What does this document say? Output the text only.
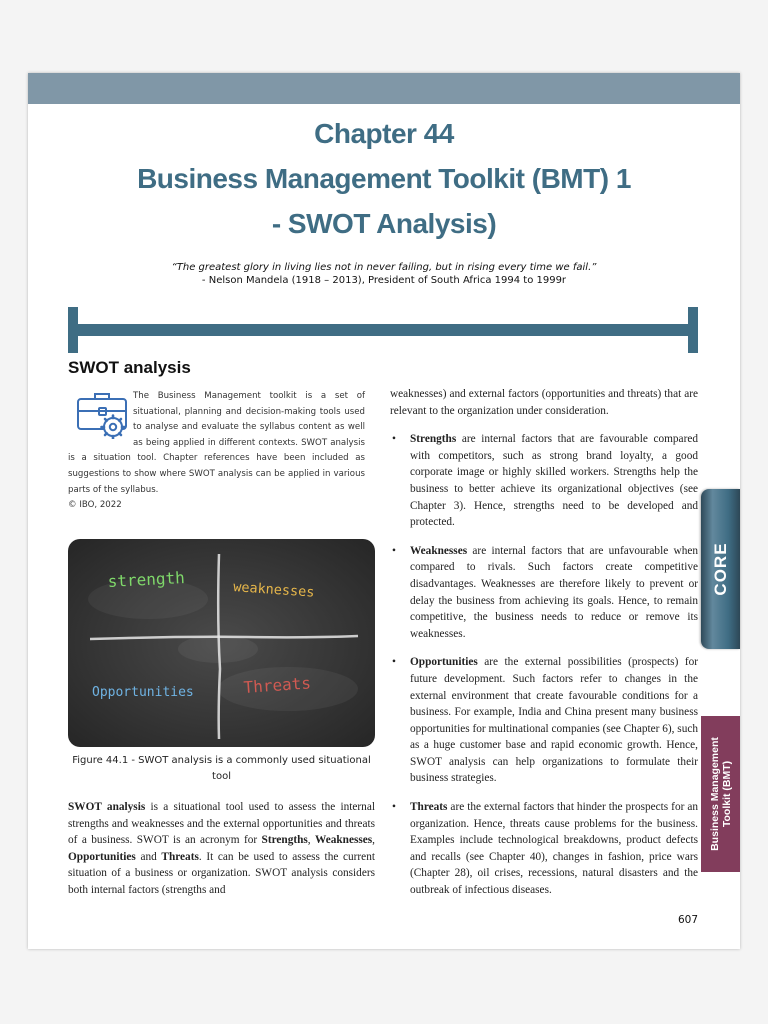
Chapter 44
Business Management Toolkit (BMT) 1
- SWOT Analysis)
“The greatest glory in living lies not in never failing, but in rising every time we fail.”
- Nelson Mandela (1918 – 2013), President of South Africa 1994 to 1999r
SWOT analysis
The Business Management toolkit is a set of situational, planning and decision-making tools used to analyse and evaluate the syllabus content as well as being applied in different contexts. SWOT analysis is a situation tool. Chapter references have been included as suggestions to show where SWOT analysis can be applied in various parts of the syllabus.
© IBO, 2022
strength	weaknesses
Opportunities	Threats
Figure 44.1 - SWOT analysis is a commonly used situational tool
SWOT analysis is a situational tool used to assess the internal strengths and weaknesses and the external opportunities and threats of a business. SWOT is an acronym for Strengths, Weaknesses, Opportunities and Threats. It can be used to assess the current situation of a business or organization. SWOT analysis considers both internal factors (strengths and

weaknesses) and external factors (opportunities and threats) that are relevant to the organization under consideration.

• Strengths are internal factors that are favourable compared with competitors, such as strong brand loyalty, a good corporate image or highly skilled workers. Strengths help the business to better achieve its organizational objectives (see Chapter 3). Hence, strengths need to be developed and protected.
• Weaknesses are internal factors that are unfavourable when compared to rivals. Such factors create competitive disadvantages. Weaknesses are therefore likely to prevent or delay the business from achieving its goals. Hence, to remain competitive, the business needs to reduce or remove its weaknesses.
• Opportunities are the external possibilities (prospects) for future development. Such factors refer to changes in the external environment that create favourable conditions for a business. For example, India and China present many business opportunities for multinational companies (see Chapter 6), such as a huge customer base and rapid economic growth. Hence, SWOT analysis can help organizations to formulate their business strategies.
• Threats are the external factors that hinder the prospects for an organization. Hence, threats cause problems for the business. Examples include technological breakdowns, product defects and recalls (see Chapter 40), changes in fashion, price wars (Chapter 28), oil crises, recessions, natural disasters and the outbreak of infectious diseases.
CORE
Business Management
Toolkit (BMT)
607
